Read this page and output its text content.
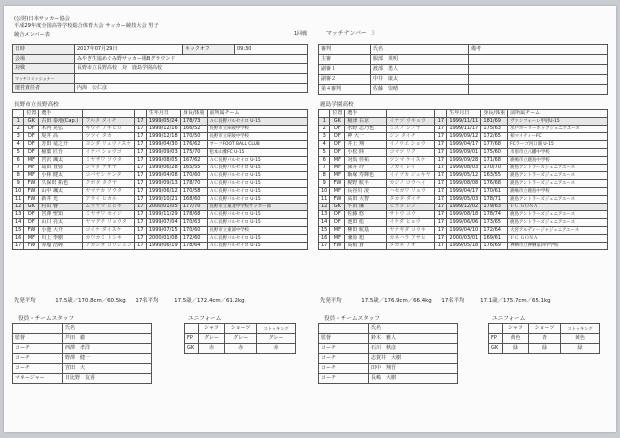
(公財)日本サッカー協会
平成29年度全国高等学校総合体育大会 サッカー競技大会 男子
競合メンバー表	1回戦	マッチナンバー 3
日時	2017年07月29日	キックオフ	09:30
会場	みやぎ生協めぐみ野サッカー場Bグラウンド		
対戦	長野市立長野高校　対　鹿島学園高校		
マッチコミッショナー			
運営責任者	内海　公仁彦		
審判	氏名	備考
主審	服部　英明	
副審１	渡部　勇人	
副審２	中井　康太	
第４審判	佐藤　崇晴	
長野市立長野高校	鹿島学園高校
	位置	選手			生年月日	身長/体重	前所属チーム
1	GK	古田 泰地(Cap.)	フルタ タイチ	17	1999/05/24	178/73	ＡＣ長野パルセイロ U-15
2	DF	木内 晃弘	キウチ アキヒロ	17	1999/12/16	166/52	長野市立犀陵中学校
3	DF	堤井 高	ツツイ タカ	17	1999/12/18	170/50	長野市立犀陵中学校
4	DF	芳田 竜之介	ヨシダ リュウノスケ	17	1999/04/30	176/62	サーフFOOT BALL CLUB
5	DF	稲葉 匠吾	イナバ ショウゴ	17	1999/09/03	175/70	松本山雅FC U-15
6	MF	宮沢 颯太	ミヤザワ ソウタ	17	1999/08/05	167/62	ＡＣ長野パルセイロ U-15
7	MF	島田 直弥	シマダ ナオヤ	17	1999/06/28	165/55	ＡＣ長野パルセイロ U-15
8	MF	小林 健太	コバヤシ ケンタ	17	1999/04/08	170/60	ＡＣ長野パルセイロ U-15
9	FW	久保田 拓也	クボタ タクヤ	17	1999/09/13	178/70	ＡＣ長野パルセイロ U-15
10	FW	山中 颯太	ヤマナカ ソウタ	17	1999/06/12	170/58	ＡＣ長野パルセイロ U-15
11	FW	新井 光	アライ ヒカル	17	1999/10/21	168/60	ＡＣ長野パルセイロ U-15
12	GK	村山 響	ムラヤマ ヒビキ	17	2000/01/05	177/70	長野市立東北中学校サッカー部
13	DF	宮澤 聖知	ミヤザワ セイジ	17	1999/11/29	178/68	ＡＣ長野パルセイロ U-15
14	DF	山口 亮太	ヤマグチ リョウタ	17	1999/07/04	170/63	ＡＣ長野パルセイロ U-15
15	FW	小池 大介	コイケ ダイスケ	17	1999/07/15	170/60	長野市立東部中学校
16	MF	川上 季樹	カワカミ トシキ	17	2000/01/08	172/60	ＡＣ長野パルセイロ U-15
17	FW	赤塩 浩純	アカシオ コウジュン	17	1999/06/19	178/64	ＡＣ長野パルセイロ U-15
	位置	選手			生年月日	身長/体重	前所属チーム
1	GK	稲津 右京	イナヅ ウキョウ	17	1999/11/11	181/69	ヴァンフォーレ甲府U-15
2	DF	水野 志乃也	ミズノ シノヤ	17	1999/11/17	175/63	水戸ホーリーホックジュニアユース
3	DF	神 大一	ジン タイチ	17	1999/09/12	172/65	柏マイティーFC
4	DF	井上 翔	イノウエ ショウ	17	1999/04/17	177/68	FCラーゴ河口湖 U-15
5	DF	小松 陸	コマツ リク	17	1999/09/01	175/60	市原市立八幡中学校
6	MF	対馬 佳祐	ツシマ ケイスケ	17	1999/09/28	171/68	鹿嶋市立鹿島中学校
7	MF	深井 玲	フカイ レイ	17	1999/08/03	170/70	鹿島アントラーズジュニアユース
8	MF	飯塚 寿輝也	イイヅカ ジュキヤ	17	1999/05/12	163/55	鹿島アントラーズジュニアユース
9	FW	梶野 航平	カジノ コウヘイ	17	1999/08/08	176/68	鹿島アントラーズジュニアユース
10	MF	長谷川 凌	ハセガワ リョウ	17	1999/04/17	170/61	鹿嶋市立鹿島中学校
11	FW	高田 大智	タカタ ダイチ	17	1999/05/03	178/71	鹿島アントラーズジュニアユース
12	GK	平田 廉	ヒラタ レン	17	1999/12/02	179/63	ＦＣ ＧＯＮＡ
13	DF	佐藤 悠	サトウ ユウ	17	1999/08/18	178/74	鹿島アントラーズジュニアユース
14	DF	池田 彪	イケダ ヒョウ	17	1999/06/06	173/65	鹿島アントラーズジュニアユース
15	MF	柳田 航基	ヤナギダ コウキ	17	1999/04/10	172/64	大宮アルディージャジュニアユース
16	MF	兼原 旭	カネハラ アサヒ	17	2000/03/01	169/61	ＦＣ ＧＯＮＡ
17	FW	高根 蒼	タカネ アオ	17	1999/05/18	176/69	神栖市立神栖第四中学校
先発平均	17.5歳／170.8cm／60.5kg 17名平均	17.5歳／172.4cm／61.2kg	先発平均	17.5歳／176.9cm／66.4kg 17名平均	17.1歳／175.7cm／65.1kg
役員・チームスタッフ
	氏名
監督	芦田　徹
コーチ	西澤　孝洋
コーチ	野澤　健一
コーチ	宮田　大
マネージャー	日比野　友香
ユニフォーム
	シャツ	ショーツ	ストッキング
FP	グレー	グレー	グレー
GK	赤	赤	赤
役員・チームスタッフ
	氏名
監督	鈴木　雅人
コーチ	石川　秋彦
コーチ	志賀井　大樹
コーチ	田中　翔吾
コーチ	長嶋　大樹
ユニフォーム
	シャツ	ショーツ	ストッキング
FP	黄色	青	黄色
GK	緑	緑	緑
